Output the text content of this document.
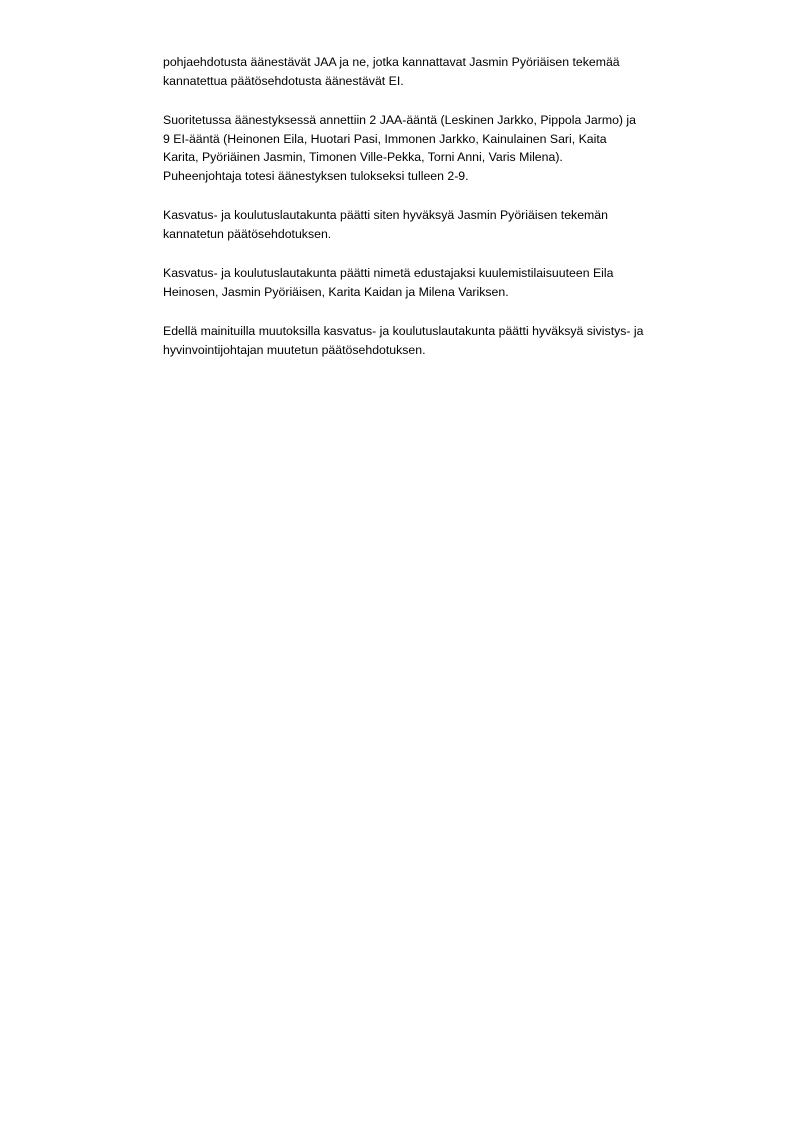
pohjaehdotusta äänestävät JAA ja ne, jotka kannattavat Jasmin Pyöriäisen tekemää
kannatettua päätösehdotusta äänestävät EI.

Suoritetussa äänestyksessä annettiin 2 JAA-ääntä (Leskinen Jarkko, Pippola Jarmo) ja
9 EI-ääntä (Heinonen Eila, Huotari Pasi, Immonen Jarkko, Kainulainen Sari, Kaita
Karita, Pyöriäinen Jasmin, Timonen Ville-Pekka, Torni Anni, Varis Milena).
Puheenjohtaja totesi äänestyksen tulokseksi tulleen 2-9.

Kasvatus- ja koulutuslautakunta päätti siten hyväksyä Jasmin Pyöriäisen tekemän
kannatetun päätösehdotuksen.

Kasvatus- ja koulutuslautakunta päätti nimetä edustajaksi kuulemistilaisuuteen Eila
Heinosen, Jasmin Pyöriäisen, Karita Kaidan ja Milena Variksen.

Edellä mainituilla muutoksilla kasvatus- ja koulutuslautakunta päätti hyväksyä sivistys- ja
hyvinvointijohtajan muutetun päätösehdotuksen.
